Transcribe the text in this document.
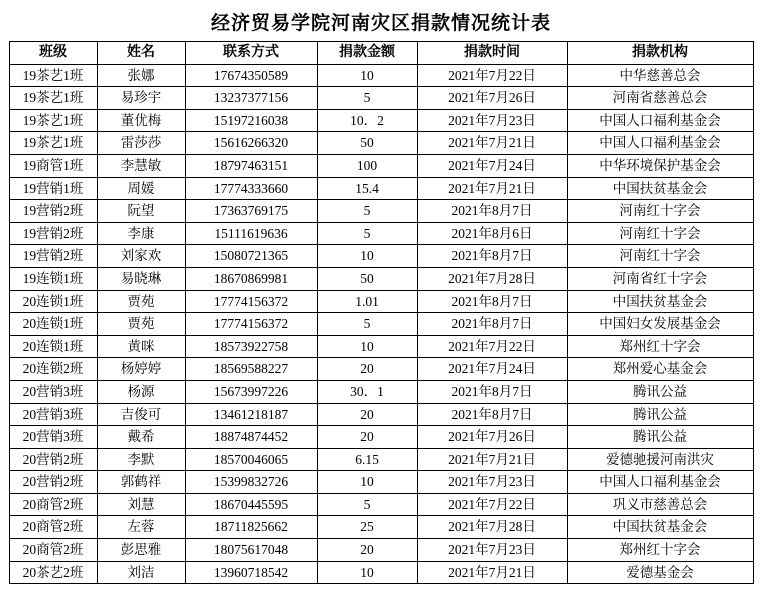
经济贸易学院河南灾区捐款情况统计表
班级	姓名	联系方式	捐款金额	捐款时间	捐款机构
19茶艺1班	张娜	17674350589	10	2021年7月22日	中华慈善总会
19茶艺1班	易珍宇	13237377156	5	2021年7月26日	河南省慈善总会
19茶艺1班	董优梅	15197216038	10．2	2021年7月23日	中国人口福利基金会
19茶艺1班	雷莎莎	15616266320	50	2021年7月21日	中国人口福利基金会
19商管1班	李慧敏	18797463151	100	2021年7月24日	中华环境保护基金会
19营销1班	周媛	17774333660	15.4	2021年7月21日	中国扶贫基金会
19营销2班	阮望	17363769175	5	2021年8月7日	河南红十字会
19营销2班	李康	15111619636	5	2021年8月6日	河南红十字会
19营销2班	刘家欢	15080721365	10	2021年8月7日	河南红十字会
19连锁1班	易晓琳	18670869981	50	2021年7月28日	河南省红十字会
20连锁1班	贾苑	17774156372	1.01	2021年8月7日	中国扶贫基金会
20连锁1班	贾苑	17774156372	5	2021年8月7日	中国妇女发展基金会
20连锁1班	黄咪	18573922758	10	2021年7月22日	郑州红十字会
20连锁2班	杨婷婷	18569588227	20	2021年7月24日	郑州爱心基金会
20营销3班	杨源	15673997226	30．1	2021年8月7日	腾讯公益
20营销3班	吉俊可	13461218187	20	2021年8月7日	腾讯公益
20营销3班	戴希	18874874452	20	2021年7月26日	腾讯公益
20营销2班	李默	18570046065	6.15	2021年7月21日	爱德驰援河南洪灾
20营销2班	郭鹤祥	15399832726	10	2021年7月23日	中国人口福利基金会
20商管2班	刘慧	18670445595	5	2021年7月22日	巩义市慈善总会
20商管2班	左蓉	18711825662	25	2021年7月28日	中国扶贫基金会
20商管2班	彭思雅	18075617048	20	2021年7月23日	郑州红十字会
20茶艺2班	刘洁	13960718542	10	2021年7月21日	爱德基金会
